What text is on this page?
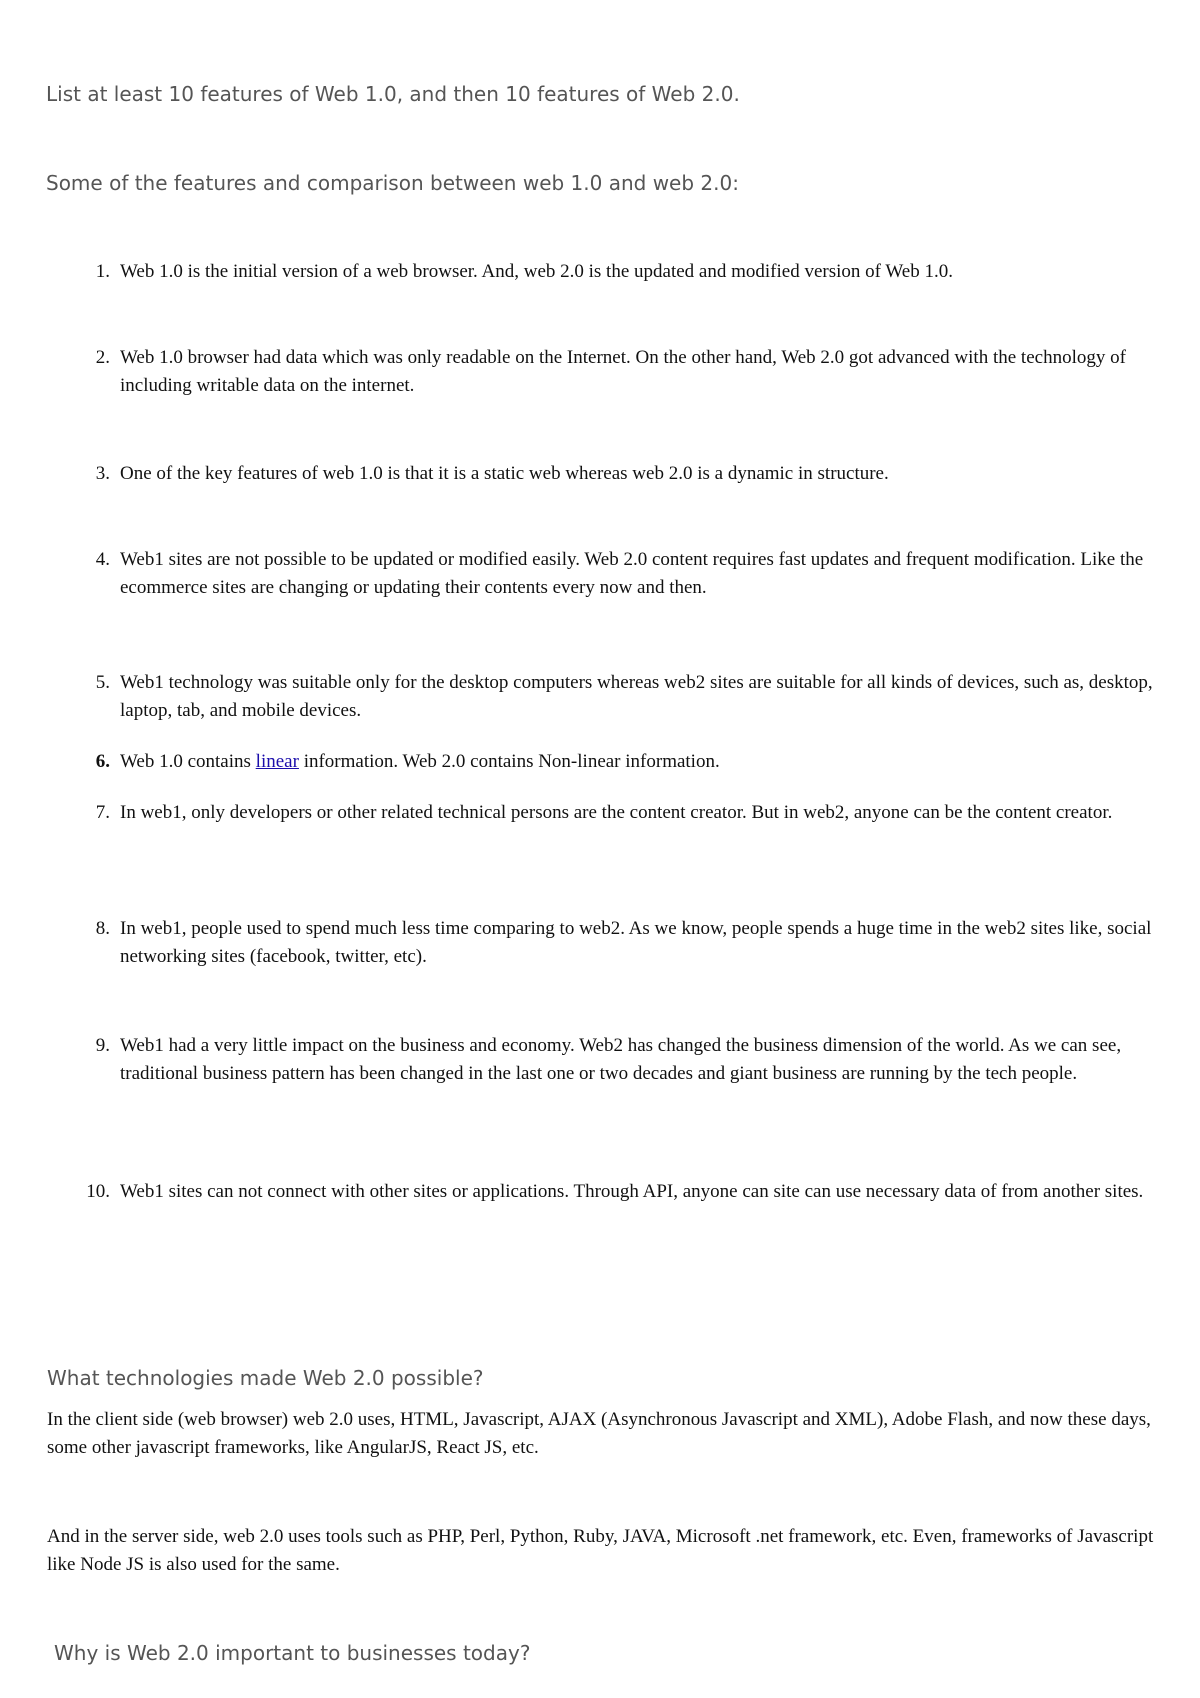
List at least 10 features of Web 1.0, and then 10 features of Web 2.0.
Some of the features and comparison between web 1.0 and web 2.0:
1. Web 1.0 is the initial version of a web browser. And, web 2.0 is the updated and modified version of Web 1.0.
2. Web 1.0 browser had data which was only readable on the Internet. On the other hand, Web 2.0 got advanced with the technology of including writable data on the internet.
3. One of the key features of web 1.0 is that it is a static web whereas web 2.0 is a dynamic in structure.
4. Web1 sites are not possible to be updated or modified easily. Web 2.0 content requires fast updates and frequent modification. Like the ecommerce sites are changing or updating their contents every now and then.
5. Web1 technology was suitable only for the desktop computers whereas web2 sites are suitable for all kinds of devices, such as, desktop, laptop, tab, and mobile devices.
6. Web 1.0 contains linear information. Web 2.0 contains Non-linear information.
7. In web1, only developers or other related technical persons are the content creator. But in web2, anyone can be the content creator.
8. In web1, people used to spend much less time comparing to web2. As we know, people spends a huge time in the web2 sites like, social networking sites (facebook, twitter, etc).
9. Web1 had a very little impact on the business and economy. Web2 has changed the business dimension of the world. As we can see, traditional business pattern has been changed in the last one or two decades and giant business are running by the tech people.
10. Web1 sites can not connect with other sites or applications. Through API, anyone can site can use necessary data of from another sites.
What technologies made Web 2.0 possible?

In the client side (web browser) web 2.0 uses, HTML, Javascript, AJAX (Asynchronous Javascript and XML), Adobe Flash, and now these days, some other javascript frameworks, like AngularJS, React JS, etc.

And in the server side, web 2.0 uses tools such as PHP, Perl, Python, Ruby, JAVA, Microsoft .net framework, etc. Even, frameworks of Javascript like Node JS is also used for the same.

Why is Web 2.0 important to businesses today?
